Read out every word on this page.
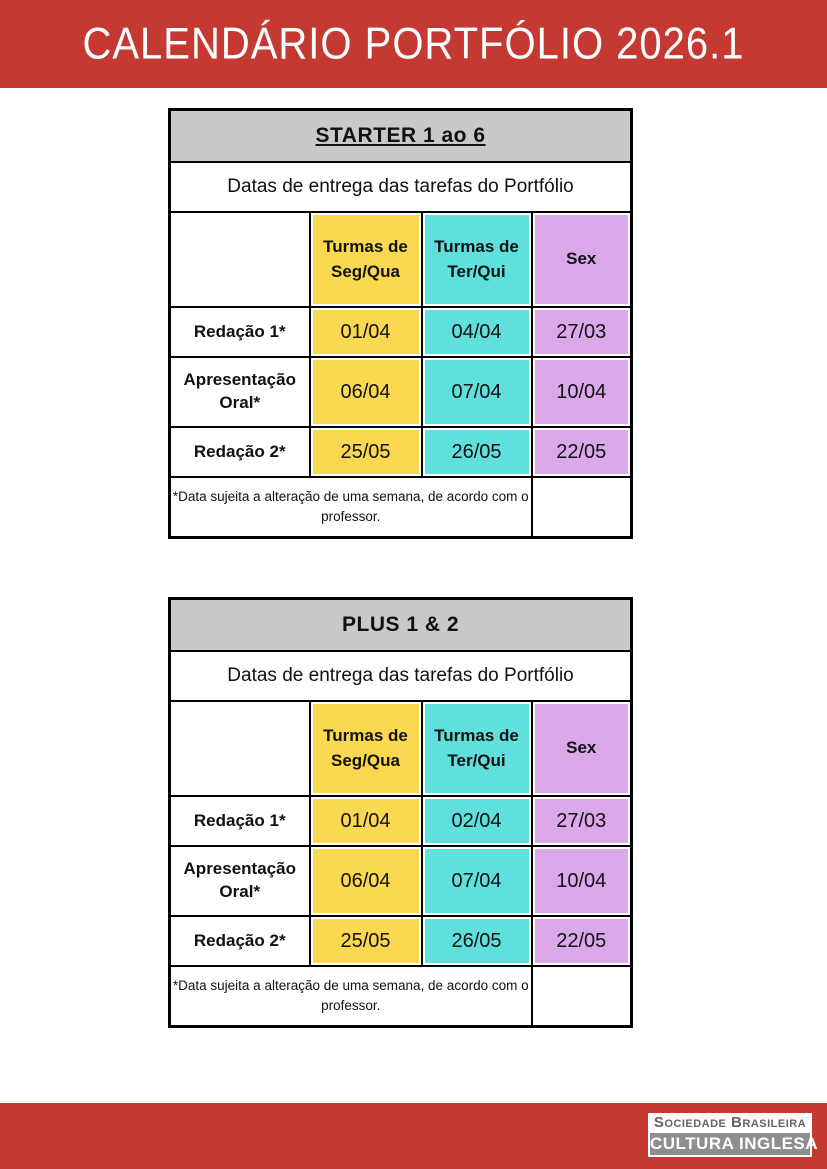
CALENDÁRIO PORTFÓLIO 2026.1
STARTER 1 ao 6			
Datas de entrega das tarefas do Portfólio			
	Turmas de Seg/Qua	Turmas de Ter/Qui	Sex
Redação 1*	01/04	04/04	27/03
Apresentação Oral*	06/04	07/04	10/04
Redação 2*	25/05	26/05	22/05
*Data sujeita a alteração de uma semana, de acordo com o professor.			
PLUS 1 & 2			
Datas de entrega das tarefas do Portfólio			
	Turmas de Seg/Qua	Turmas de Ter/Qui	Sex
Redação 1*	01/04	02/04	27/03
Apresentação Oral*	06/04	07/04	10/04
Redação 2*	25/05	26/05	22/05
*Data sujeita a alteração de uma semana, de acordo com o professor.			
Sociedade Brasileira
CULTURA INGLESA
